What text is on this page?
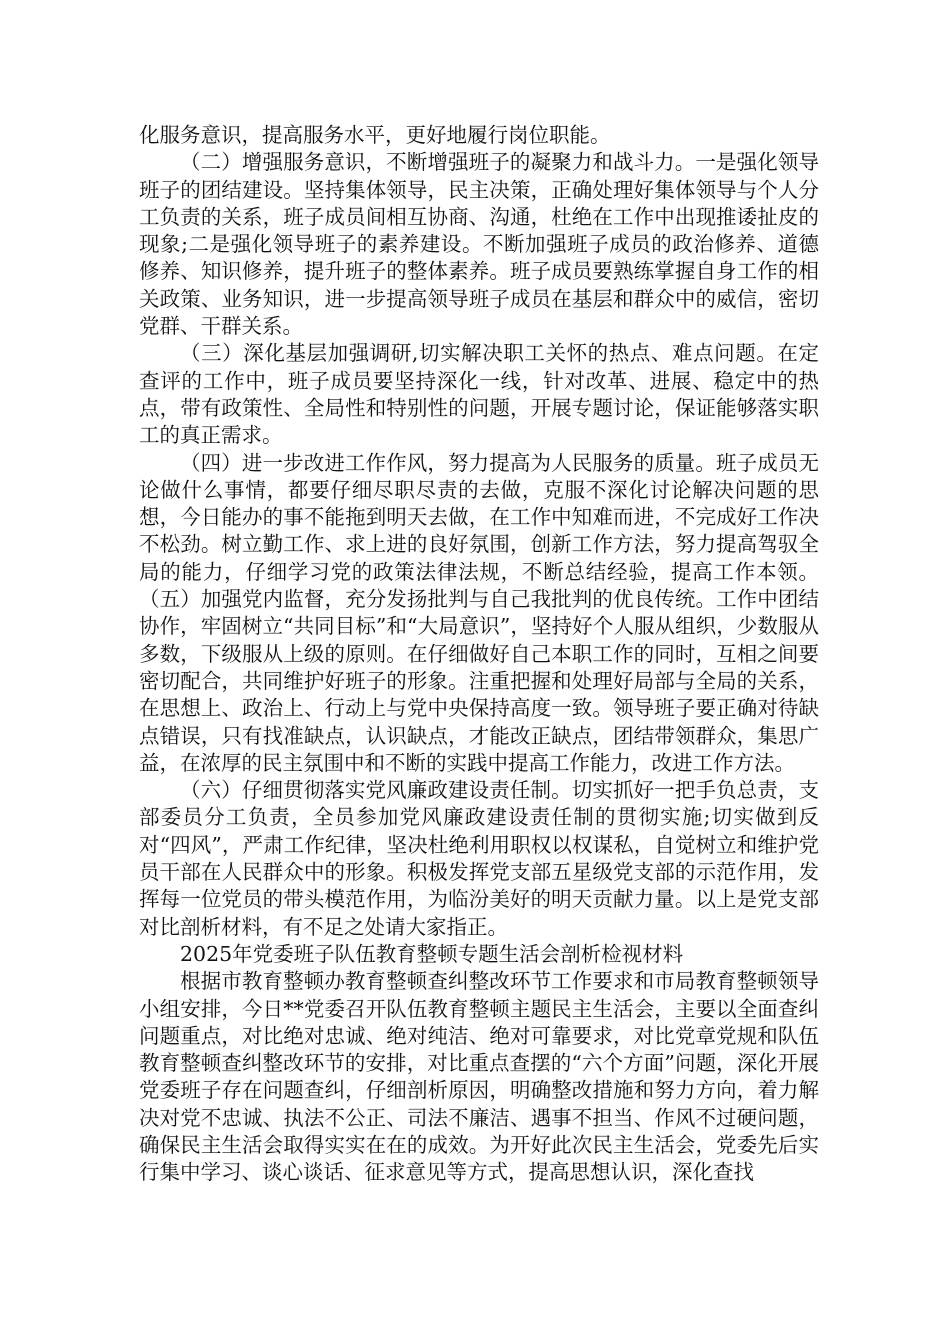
化服务意识，提高服务水平，更好地履行岗位职能。

（二）增强服务意识，不断增强班子的凝聚力和战斗力。一是强化领导班子的团结建设。坚持集体领导，民主决策，正确处理好集体领导与个人分工负责的关系，班子成员间相互协商、沟通，杜绝在工作中出现推诿扯皮的现象;二是强化领导班子的素养建设。不断加强班子成员的政治修养、道德修养、知识修养，提升班子的整体素养。班子成员要熟练掌握自身工作的相关政策、业务知识，进一步提高领导班子成员在基层和群众中的威信，密切党群、干群关系。

（三）深化基层加强调研,切实解决职工关怀的热点、难点问题。在定查评的工作中，班子成员要坚持深化一线，针对改革、进展、稳定中的热点，带有政策性、全局性和特别性的问题，开展专题讨论，保证能够落实职工的真正需求。

（四）进一步改进工作作风，努力提高为人民服务的质量。班子成员无论做什么事情，都要仔细尽职尽责的去做，克服不深化讨论解决问题的思想，今日能办的事不能拖到明天去做，在工作中知难而进，不完成好工作决不松劲。树立勤工作、求上进的良好氛围，创新工作方法，努力提高驾驭全局的能力，仔细学习党的政策法律法规，不断总结经验，提高工作本领。（五）加强党内监督，充分发扬批判与自己我批判的优良传统。工作中团结协作，牢固树立“共同目标”和“大局意识”，坚持好个人服从组织，少数服从多数，下级服从上级的原则。在仔细做好自己本职工作的同时，互相之间要密切配合，共同维护好班子的形象。注重把握和处理好局部与全局的关系，在思想上、政治上、行动上与党中央保持高度一致。领导班子要正确对待缺点错误，只有找准缺点，认识缺点，才能改正缺点，团结带领群众，集思广益，在浓厚的民主氛围中和不断的实践中提高工作能力，改进工作方法。

（六）仔细贯彻落实党风廉政建设责任制。切实抓好一把手负总责，支部委员分工负责，全员参加党风廉政建设责任制的贯彻实施;切实做到反对“四风”，严肃工作纪律，坚决杜绝利用职权以权谋私，自觉树立和维护党员干部在人民群众中的形象。积极发挥党支部五星级党支部的示范作用，发挥每一位党员的带头模范作用，为临汾美好的明天贡献力量。以上是党支部对比剖析材料，有不足之处请大家指正。

2025年党委班子队伍教育整顿专题生活会剖析检视材料

根据市教育整顿办教育整顿查纠整改环节工作要求和市局教育整顿领导小组安排，今日**党委召开队伍教育整顿主题民主生活会，主要以全面查纠问题重点，对比绝对忠诚、绝对纯洁、绝对可靠要求，对比党章党规和队伍教育整顿查纠整改环节的安排，对比重点查摆的“六个方面”问题，深化开展党委班子存在问题查纠，仔细剖析原因，明确整改措施和努力方向，着力解决对党不忠诚、执法不公正、司法不廉洁、遇事不担当、作风不过硬问题，确保民主生活会取得实实在在的成效。为开好此次民主生活会，党委先后实行集中学习、谈心谈话、征求意见等方式，提高思想认识，深化查找
